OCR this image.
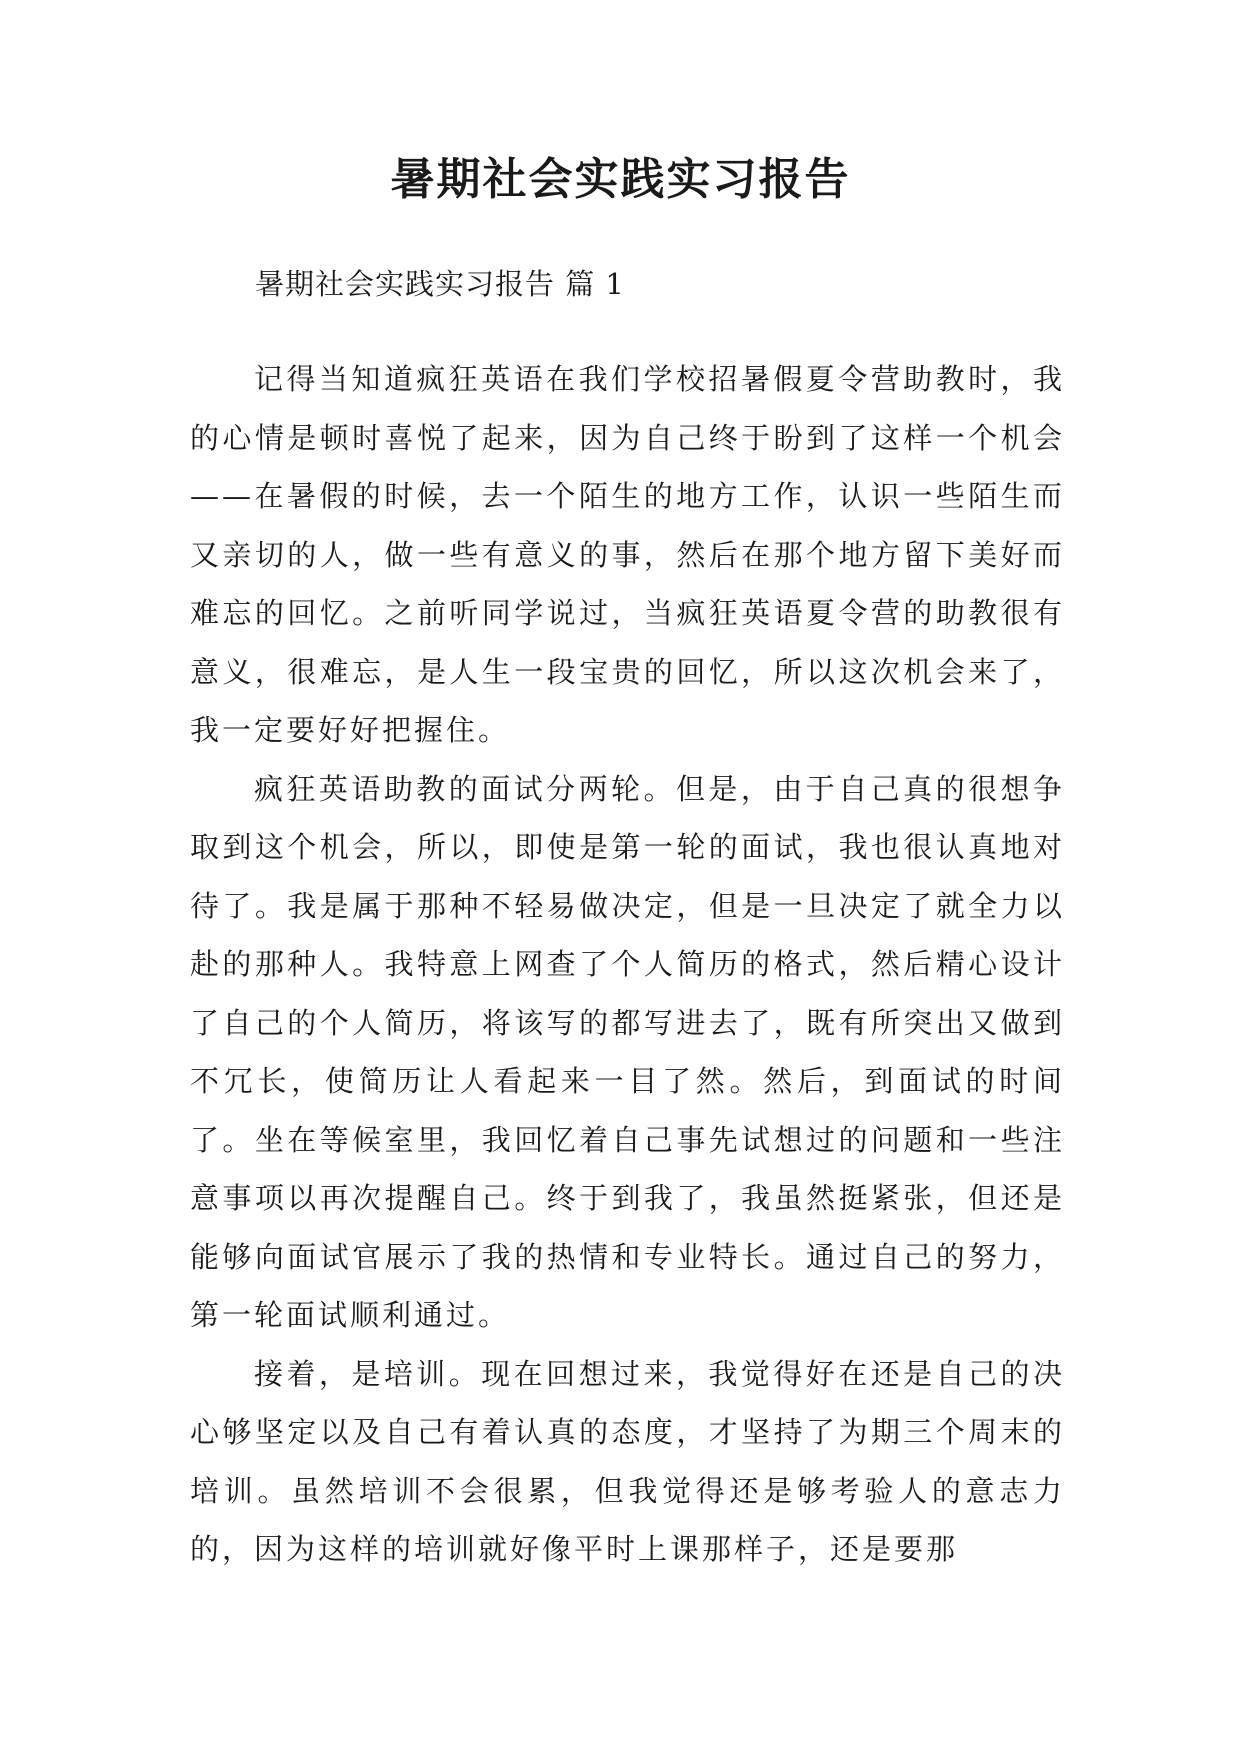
暑期社会实践实习报告

暑期社会实践实习报告 篇 1

记得当知道疯狂英语在我们学校招暑假夏令营助教时，我的心情是顿时喜悦了起来，因为自己终于盼到了这样一个机会——在暑假的时候，去一个陌生的地方工作，认识一些陌生而又亲切的人，做一些有意义的事，然后在那个地方留下美好而难忘的回忆。之前听同学说过，当疯狂英语夏令营的助教很有意义，很难忘，是人生一段宝贵的回忆，所以这次机会来了，我一定要好好把握住。

疯狂英语助教的面试分两轮。但是，由于自己真的很想争取到这个机会，所以，即使是第一轮的面试，我也很认真地对待了。我是属于那种不轻易做决定，但是一旦决定了就全力以赴的那种人。我特意上网查了个人简历的格式，然后精心设计了自己的个人简历，将该写的都写进去了，既有所突出又做到不冗长，使简历让人看起来一目了然。然后，到面试的时间了。坐在等候室里，我回忆着自己事先试想过的问题和一些注意事项以再次提醒自己。终于到我了，我虽然挺紧张，但还是能够向面试官展示了我的热情和专业特长。通过自己的努力，第一轮面试顺利通过。

接着，是培训。现在回想过来，我觉得好在还是自己的决心够坚定以及自己有着认真的态度，才坚持了为期三个周末的培训。虽然培训不会很累，但我觉得还是够考验人的意志力的，因为这样的培训就好像平时上课那样子，还是要那
